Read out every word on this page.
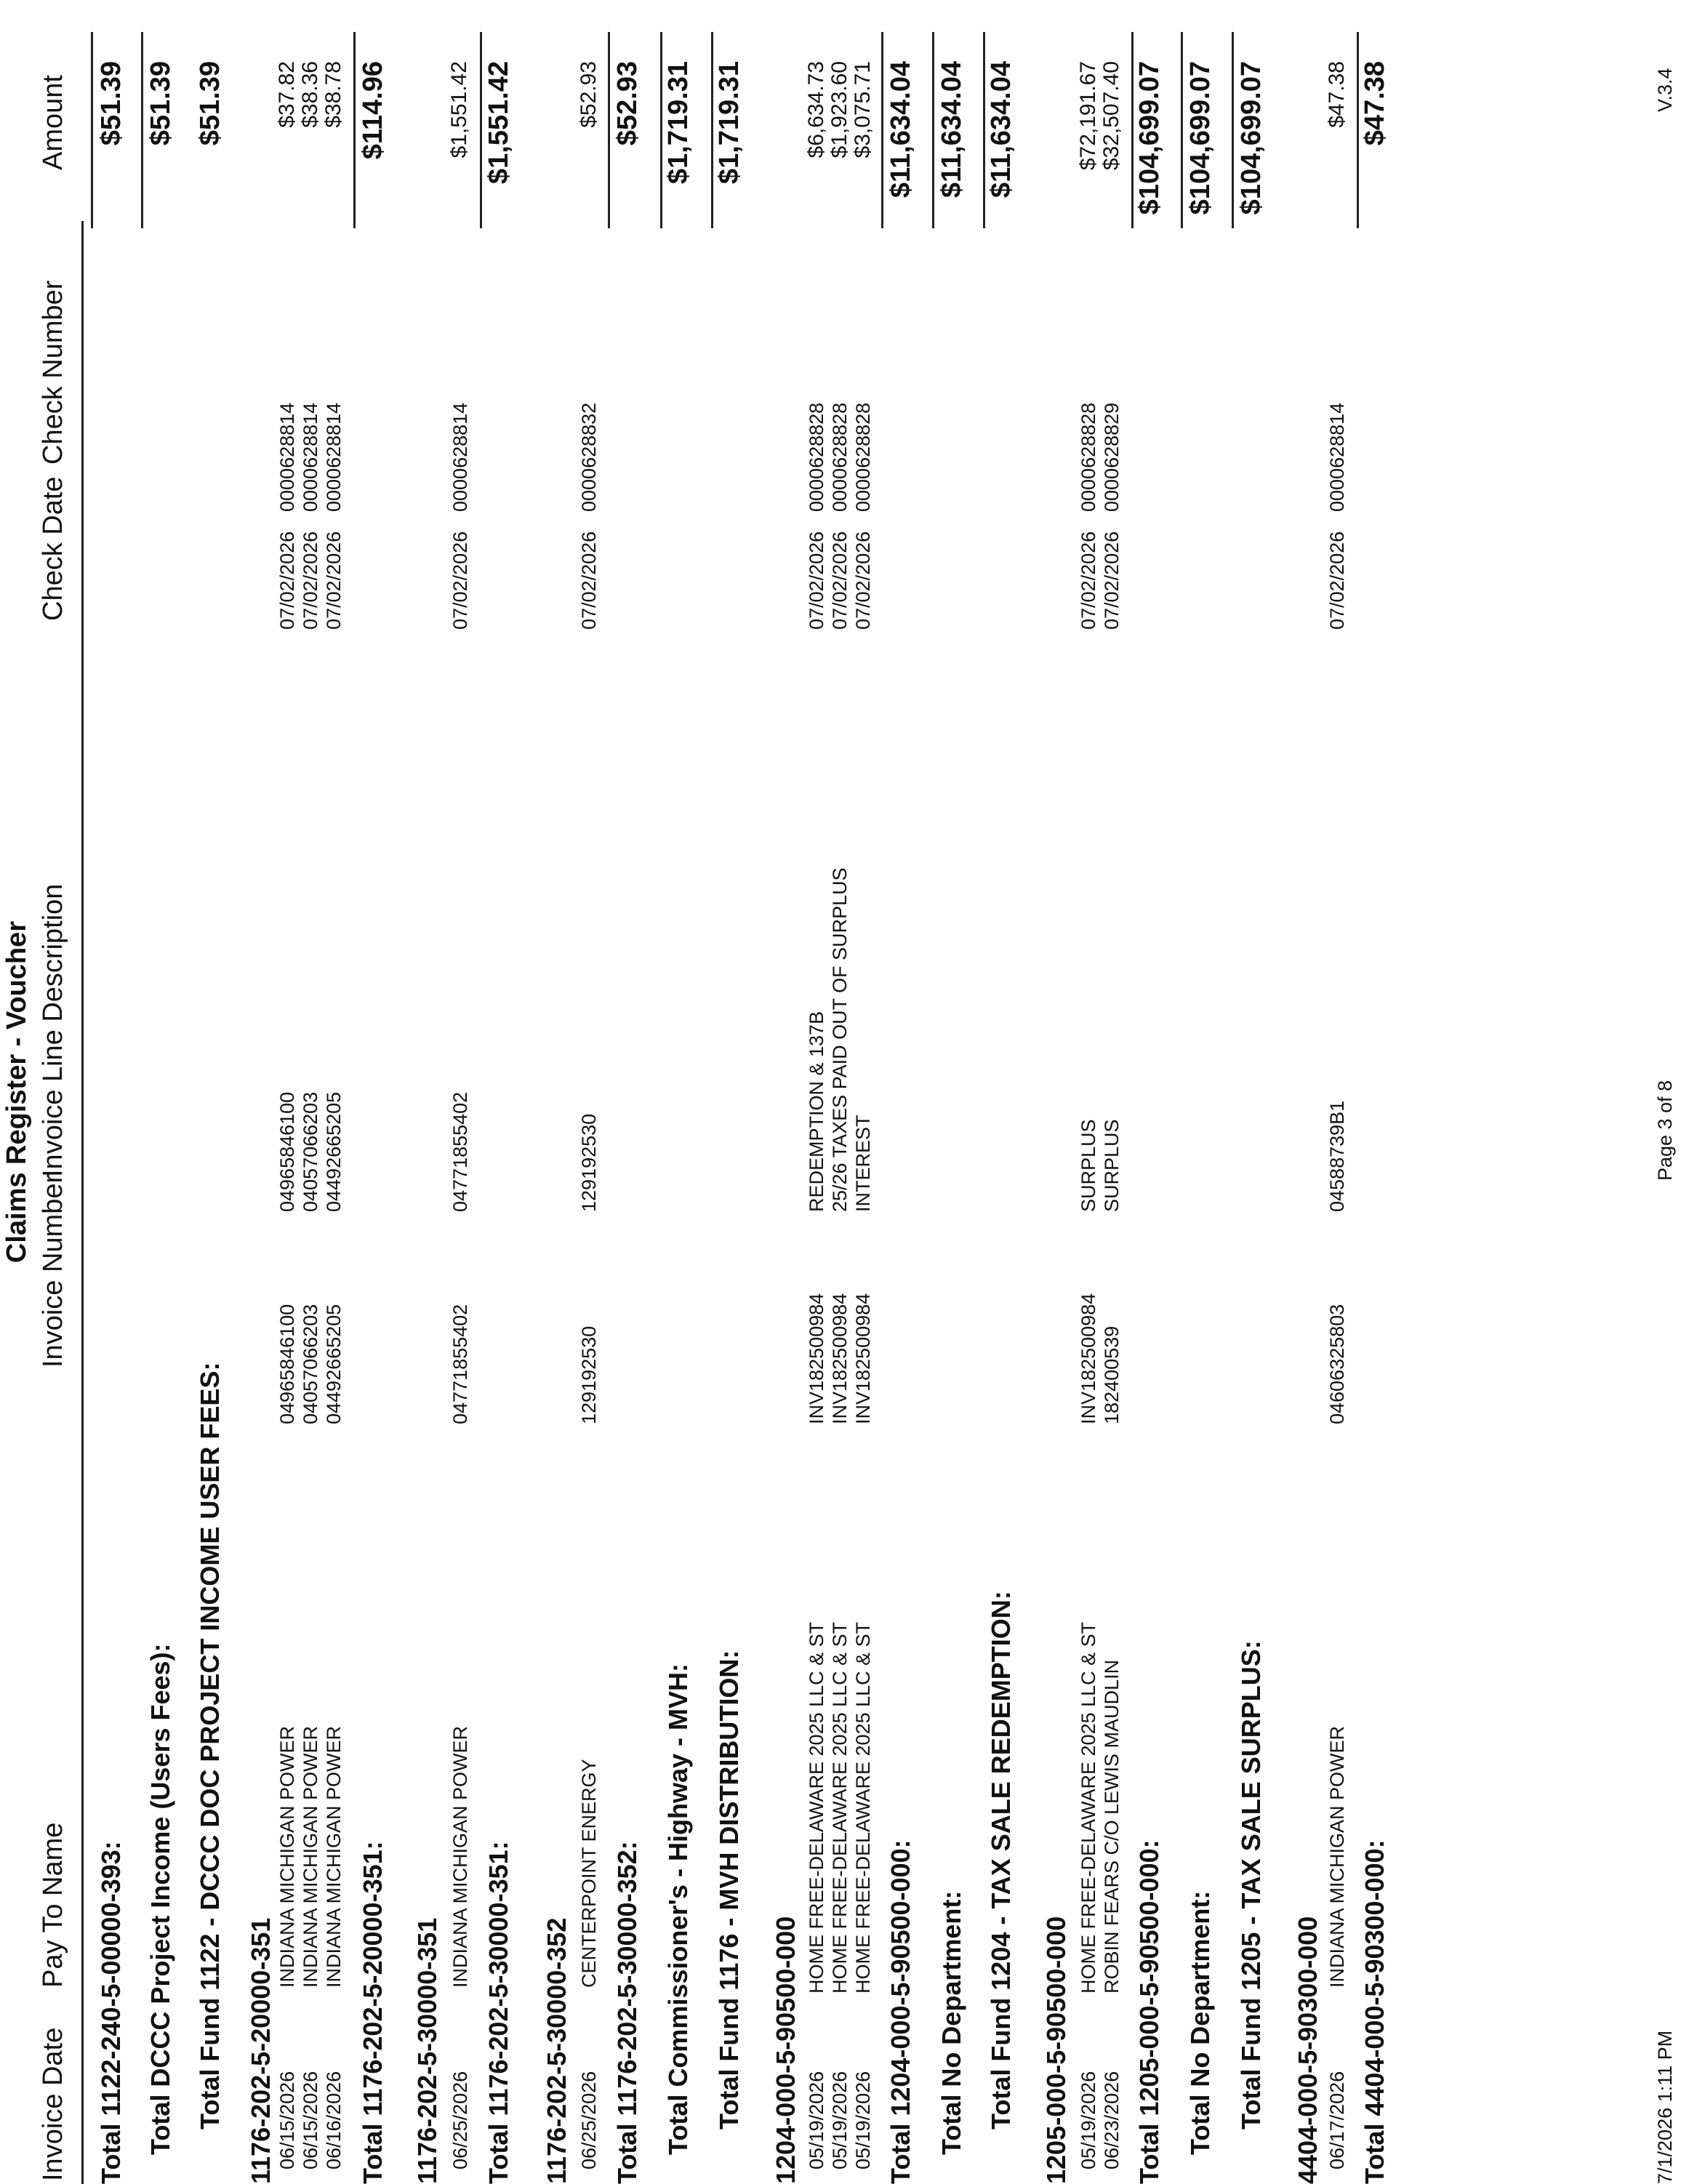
Claims Register - Voucher
Invoice Date
Pay To Name
Invoice Number
Invoice Line Description
Check Date
Check Number
Amount
Total 1122-240-5-00000-393:
$51.39
Total DCCC Project Income (Users Fees):
$51.39
Total Fund 1122 - DCCC DOC PROJECT INCOME USER FEES:
$51.39
1176-202-5-20000-351 06/15/2026
INDIANA MICHIGAN POWER
04965846100
04965846100
07/02/2026
0000628814
$37.82
06/15/2026
INDIANA MICHIGAN POWER
04057066203
04057066203
07/02/2026
0000628814
$38.36
06/16/2026
INDIANA MICHIGAN POWER
04492665205
04492665205
07/02/2026
0000628814
$38.78
Total 1176-202-5-20000-351:
$114.96
1176-202-5-30000-351 06/25/2026
INDIANA MICHIGAN POWER
04771855402
04771855402
07/02/2026
0000628814
$1,551.42
Total 1176-202-5-30000-351:
$1,551.42
1176-202-5-30000-352 06/25/2026
CENTERPOINT ENERGY
129192530
129192530
07/02/2026
0000628832
$52.93
Total 1176-202-5-30000-352:
$52.93
Total Commissioner's - Highway - MVH:
$1,719.31
Total Fund 1176 - MVH DISTRIBUTION:
$1,719.31
1204-000-5-90500-000 05/19/2026
HOME FREE-DELAWARE 2025 LLC & ST
INV182500984
REDEMPTION & 137B
07/02/2026
0000628828
$6,634.73
05/19/2026
HOME FREE-DELAWARE 2025 LLC & ST
INV182500984
25/26 TAXES PAID OUT OF SURPLUS
07/02/2026
0000628828
$1,923.60
05/19/2026
HOME FREE-DELAWARE 2025 LLC & ST
INV182500984
INTEREST
07/02/2026
0000628828
$3,075.71
Total 1204-000-5-90500-000:
$11,634.04
Total No Department:
$11,634.04
Total Fund 1204 - TAX SALE REDEMPTION:
$11,634.04
1205-000-5-90500-000 05/19/2026
HOME FREE-DELAWARE 2025 LLC & ST
INV182500984
SURPLUS
07/02/2026
0000628828
$72,191.67
06/23/2026
ROBIN FEARS C/O LEWIS MAUDLIN
182400539
SURPLUS
07/02/2026
0000628829
$32,507.40
Total 1205-000-5-90500-000:
$104,699.07
Total No Department:
$104,699.07
Total Fund 1205 - TAX SALE SURPLUS:
$104,699.07
4404-000-5-90300-000 06/17/2026
INDIANA MICHIGAN POWER
04606325803
04588739B1
07/02/2026
0000628814
$47.38
Total 4404-000-5-90300-000:
$47.38
7/1/2026 1:11 PM
Page 3 of 8
V.3.4
